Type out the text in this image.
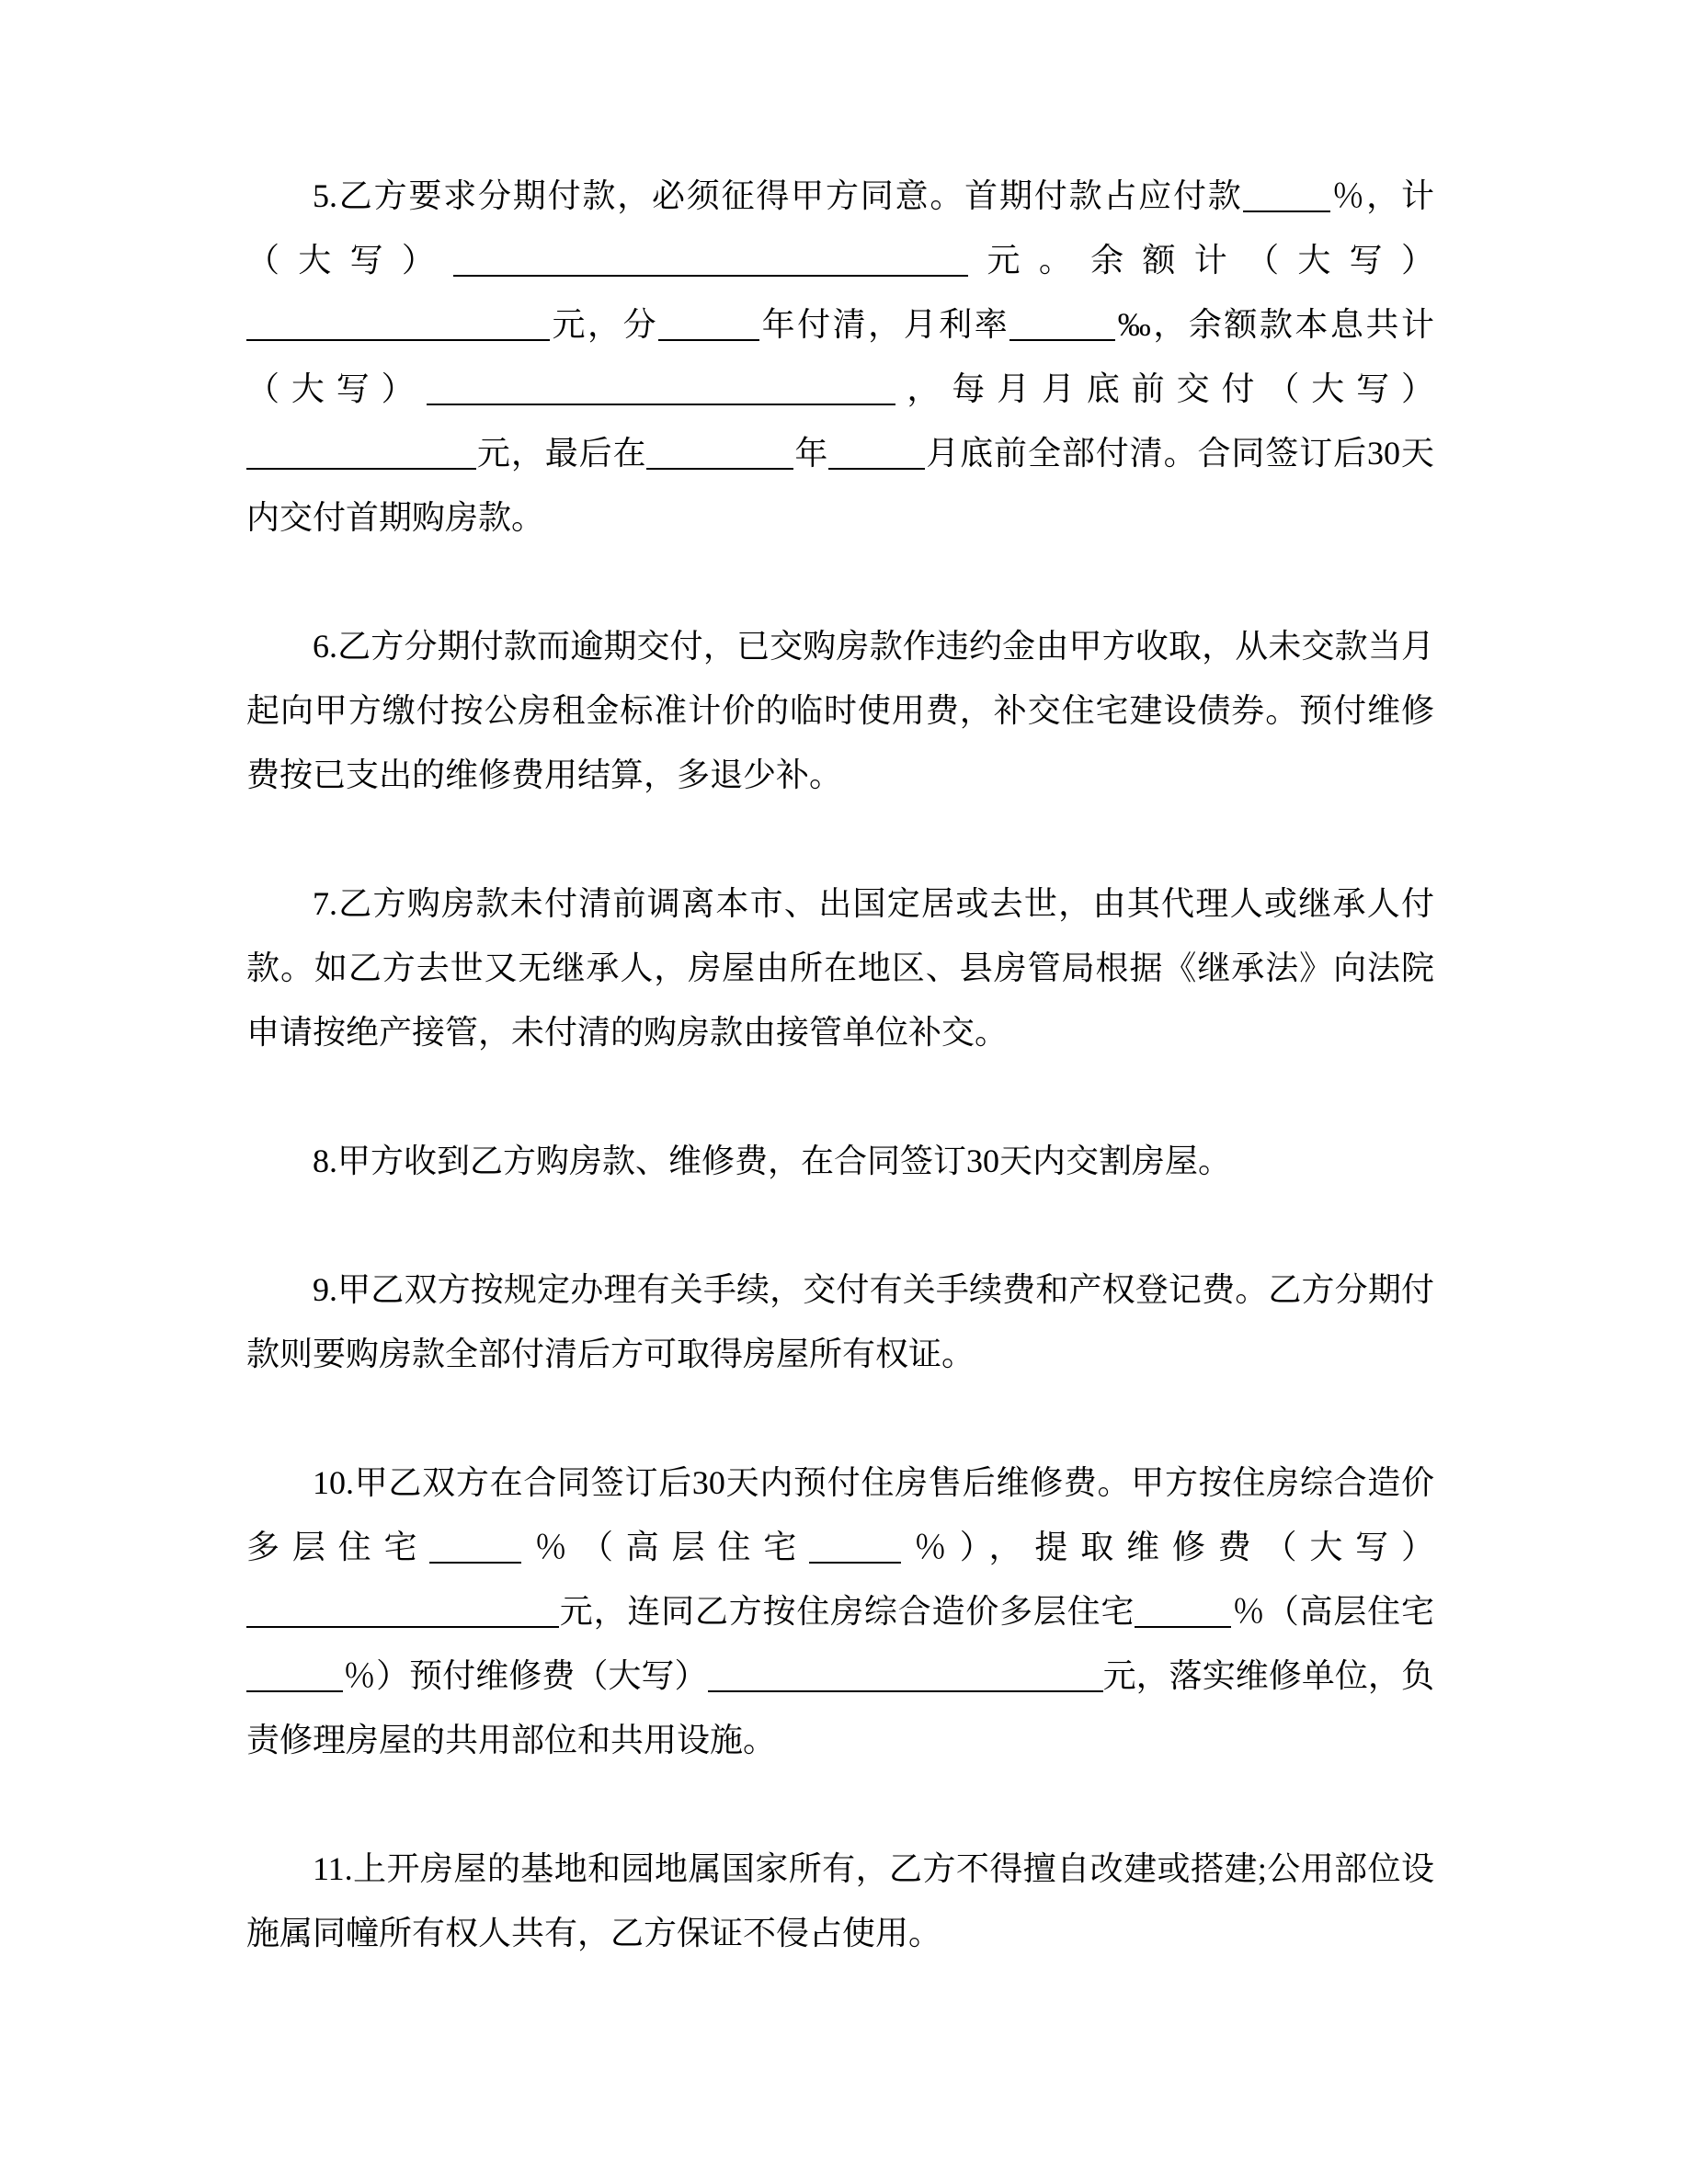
5.乙方要求分期付款，必须征得甲方同意。首期付款占应付款	％，计（大写）	元。余额计（大写）元，分	年付清，月利率	‰，余额款本息共计（大写）	，每月月底前交付（大写）元，最后在	年	月底前全部付清。合同签订后30天内交付首期购房款。

6.乙方分期付款而逾期交付，已交购房款作违约金由甲方收取，从未交款当月起向甲方缴付按公房租金标准计价的临时使用费，补交住宅建设债券。预付维修费按已支出的维修费用结算，多退少补。

7.乙方购房款未付清前调离本市、出国定居或去世，由其代理人或继承人付款。如乙方去世又无继承人，房屋由所在地区、县房管局根据《继承法》向法院申请按绝产接管，未付清的购房款由接管单位补交。

8.甲方收到乙方购房款、维修费，在合同签订30天内交割房屋。

9.甲乙双方按规定办理有关手续，交付有关手续费和产权登记费。乙方分期付款则要购房款全部付清后方可取得房屋所有权证。

10.甲乙双方在合同签订后30天内预付住房售后维修费。甲方按住房综合造价多层住宅	％（高层住宅	％），提取维修费（大写）元，连同乙方按住房综合造价多层住宅	％（高层住宅％）预付维修费（大写）	元，落实维修单位，负责修理房屋的共用部位和共用设施。

11.上开房屋的基地和园地属国家所有，乙方不得擅自改建或搭建;公用部位设施属同幢所有权人共有，乙方保证不侵占使用。
